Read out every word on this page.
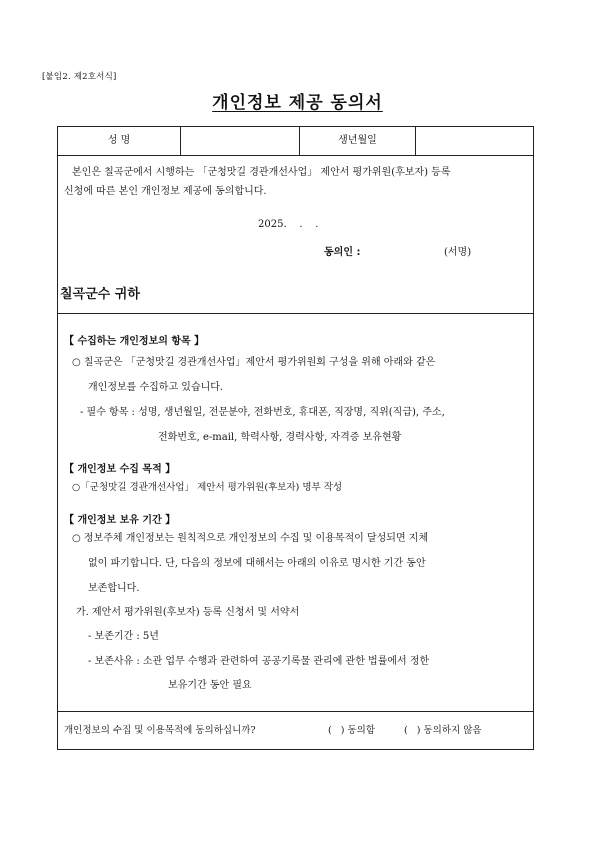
[붙임2. 제2호서식]
개인정보 제공 동의서
성 명	생년월일
본인은 칠곡군에서 시행하는 「군청맛길 경관개선사업」 제안서 평가위원(후보자) 등록
신청에 따른 본인 개인정보 제공에 동의합니다.
2025.    .    .
동의인 :	(서명)
칠곡군수 귀하
【 수집하는 개인정보의 항목 】
○ 칠곡군은 「군청맛길 경관개선사업」제안서 평가위원회 구성을 위해 아래와 같은
개인정보를 수집하고 있습니다.
- 필수 항목 : 성명, 생년월일, 전문분야, 전화번호, 휴대폰, 직장명, 직위(직급), 주소,
전화번호, e-mail, 학력사항, 경력사항, 자격증 보유현황
【 개인정보 수집 목적 】
○「군청맛길 경관개선사업」 제안서 평가위원(후보자) 명부 작성
【 개인정보 보유 기간 】
○ 정보주체 개인정보는 원칙적으로 개인정보의 수집 및 이용목적이 달성되면 지체
없이 파기합니다. 단, 다음의 정보에 대해서는 아래의 이유로 명시한 기간 동안
보존합니다.
가. 제안서 평가위원(후보자) 등록 신청서 및 서약서
- 보존기간 : 5년
- 보존사유 : 소관 업무 수행과 관련하여 공공기록물 관리에 관한 법률에서 정한
보유기간 동안 필요
개인정보의 수집 및 이용목적에 동의하십니까?	(   ) 동의함	(   ) 동의하지 않음
